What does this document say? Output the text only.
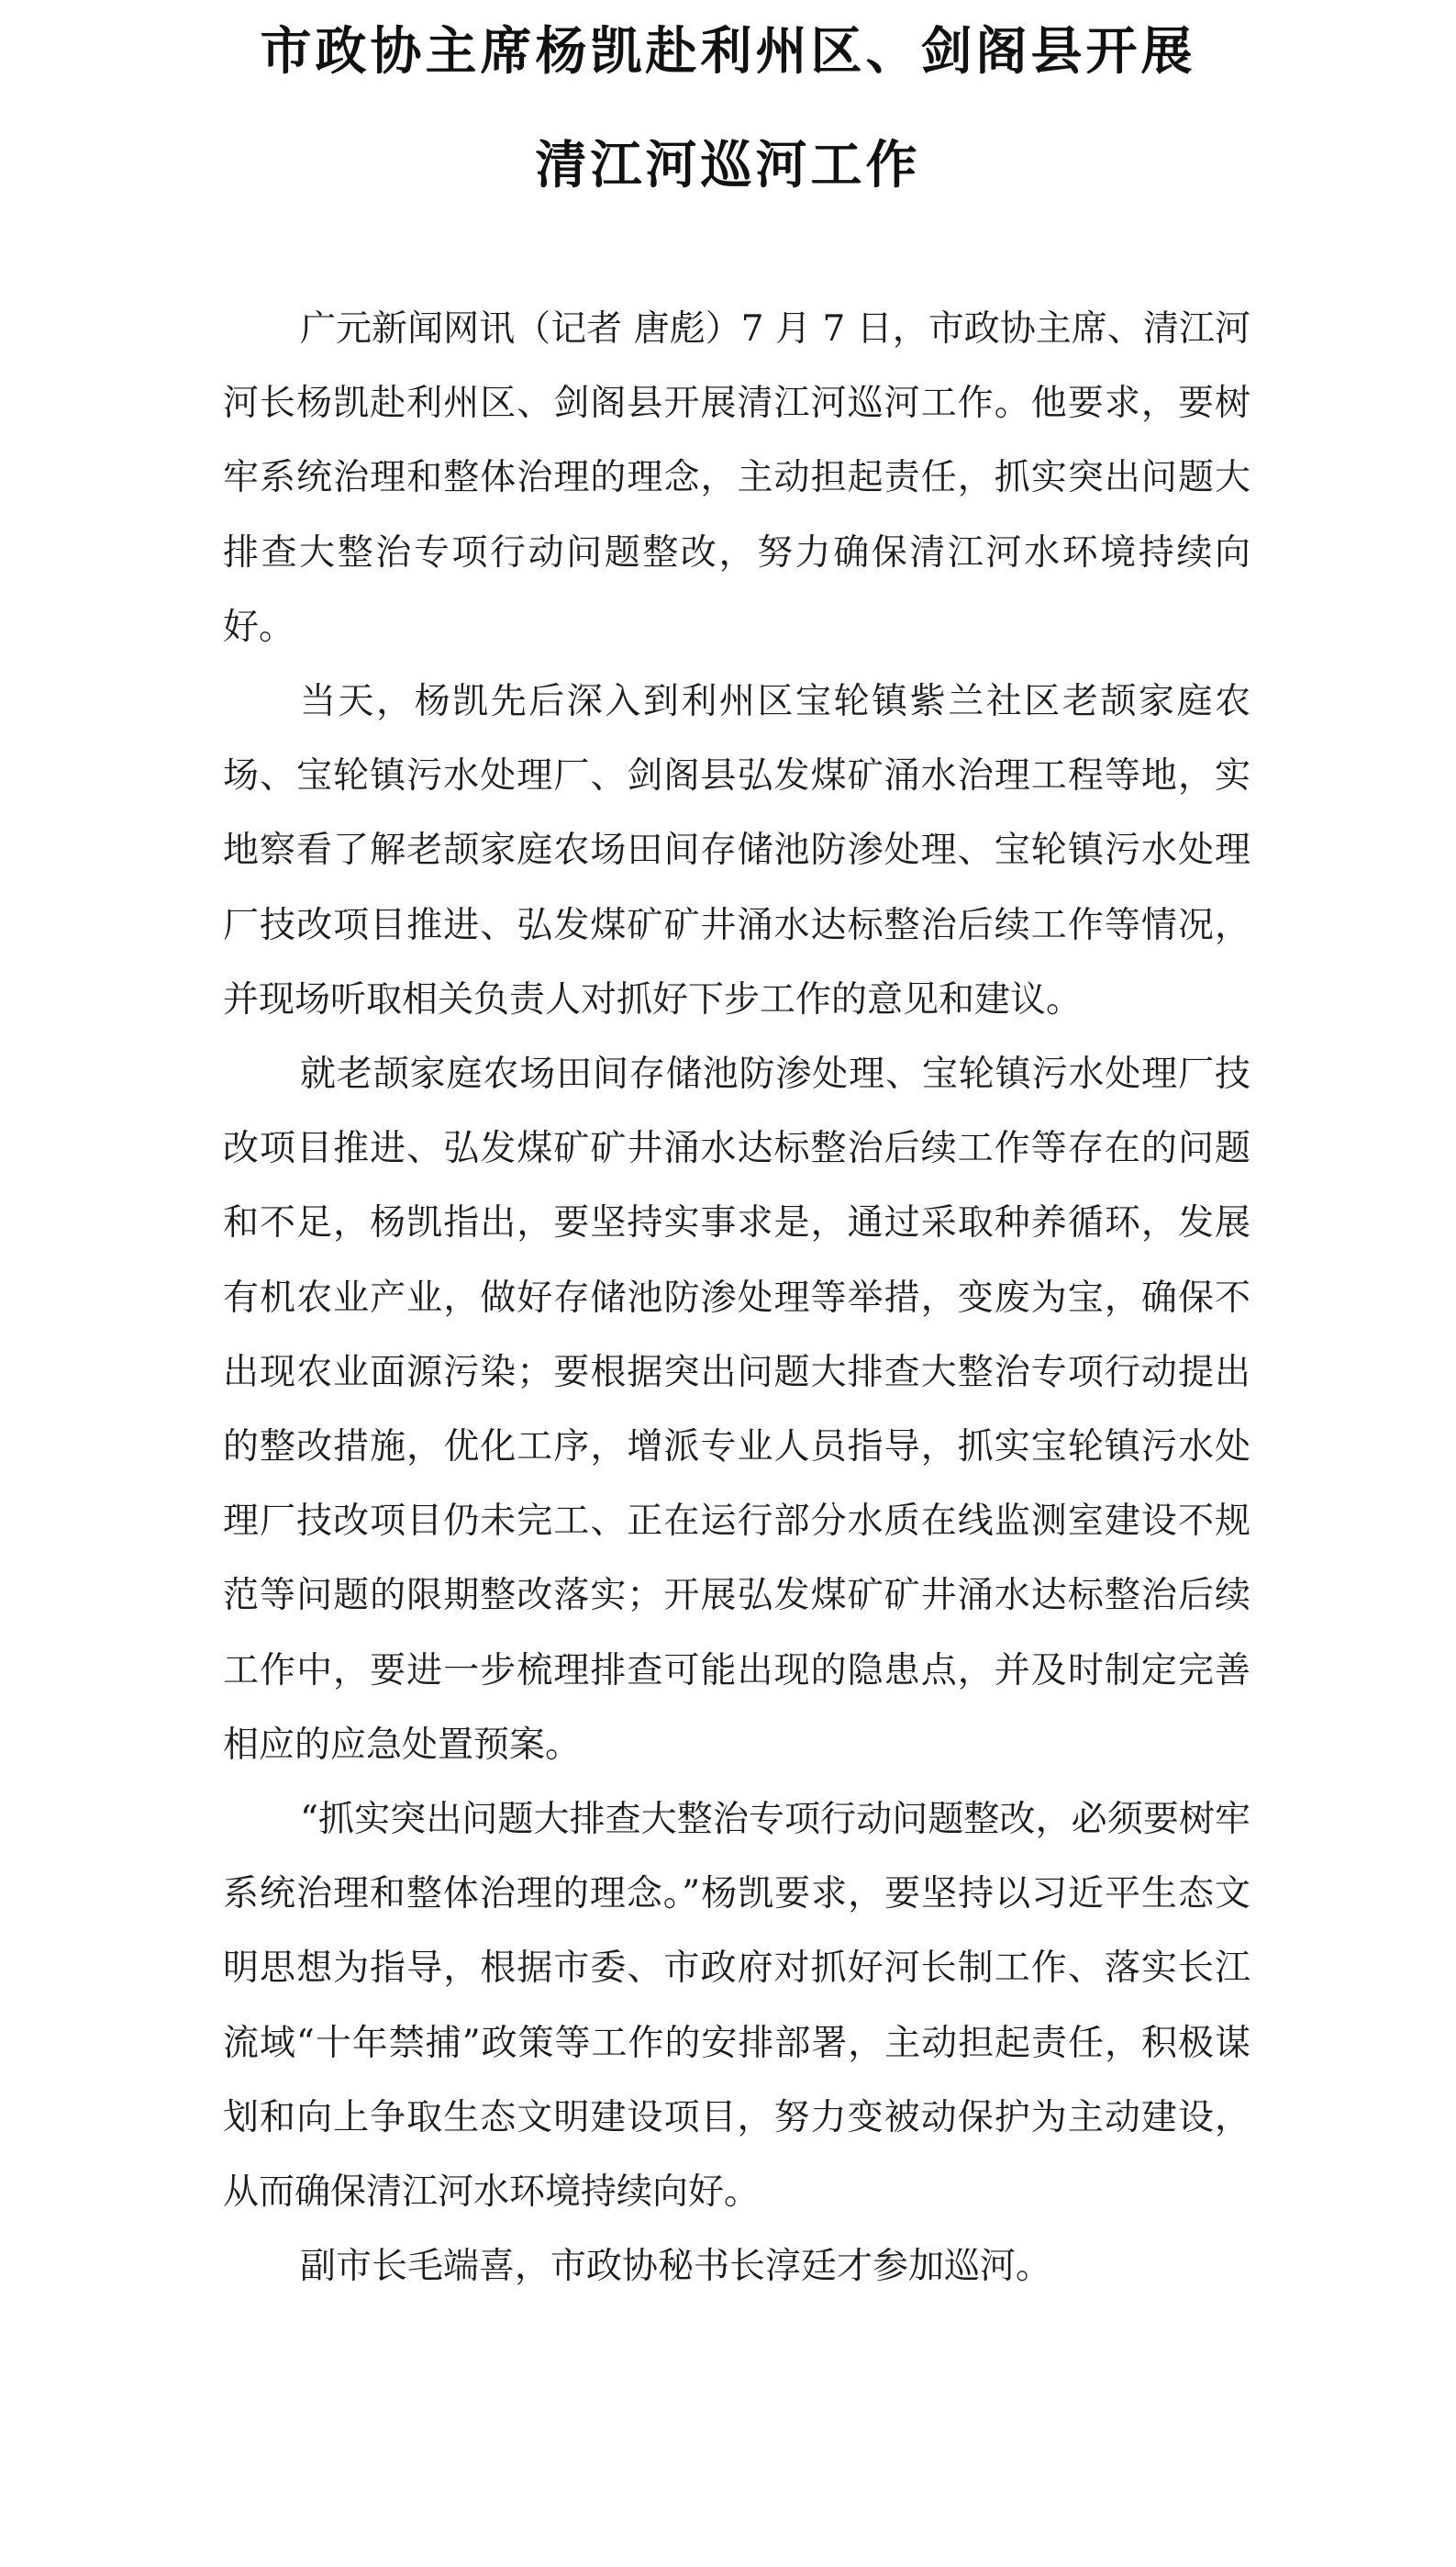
市政协主席杨凯赴利州区、剑阁县开展
清江河巡河工作

广元新闻网讯（记者 唐彪）7 月 7 日，市政协主席、清江河河长杨凯赴利州区、剑阁县开展清江河巡河工作。他要求，要树牢系统治理和整体治理的理念，主动担起责任，抓实突出问题大排查大整治专项行动问题整改，努力确保清江河水环境持续向好。

当天，杨凯先后深入到利州区宝轮镇紫兰社区老颉家庭农场、宝轮镇污水处理厂、剑阁县弘发煤矿涌水治理工程等地，实地察看了解老颉家庭农场田间存储池防渗处理、宝轮镇污水处理厂技改项目推进、弘发煤矿矿井涌水达标整治后续工作等情况，并现场听取相关负责人对抓好下步工作的意见和建议。

就老颉家庭农场田间存储池防渗处理、宝轮镇污水处理厂技改项目推进、弘发煤矿矿井涌水达标整治后续工作等存在的问题和不足，杨凯指出，要坚持实事求是，通过采取种养循环，发展有机农业产业，做好存储池防渗处理等举措，变废为宝，确保不出现农业面源污染；要根据突出问题大排查大整治专项行动提出的整改措施，优化工序，增派专业人员指导，抓实宝轮镇污水处理厂技改项目仍未完工、正在运行部分水质在线监测室建设不规范等问题的限期整改落实；开展弘发煤矿矿井涌水达标整治后续工作中，要进一步梳理排查可能出现的隐患点，并及时制定完善相应的应急处置预案。

“抓实突出问题大排查大整治专项行动问题整改，必须要树牢系统治理和整体治理的理念。”杨凯要求，要坚持以习近平生态文明思想为指导，根据市委、市政府对抓好河长制工作、落实长江流域“十年禁捕”政策等工作的安排部署，主动担起责任，积极谋划和向上争取生态文明建设项目，努力变被动保护为主动建设，从而确保清江河水环境持续向好。

副市长毛端喜，市政协秘书长淳廷才参加巡河。
